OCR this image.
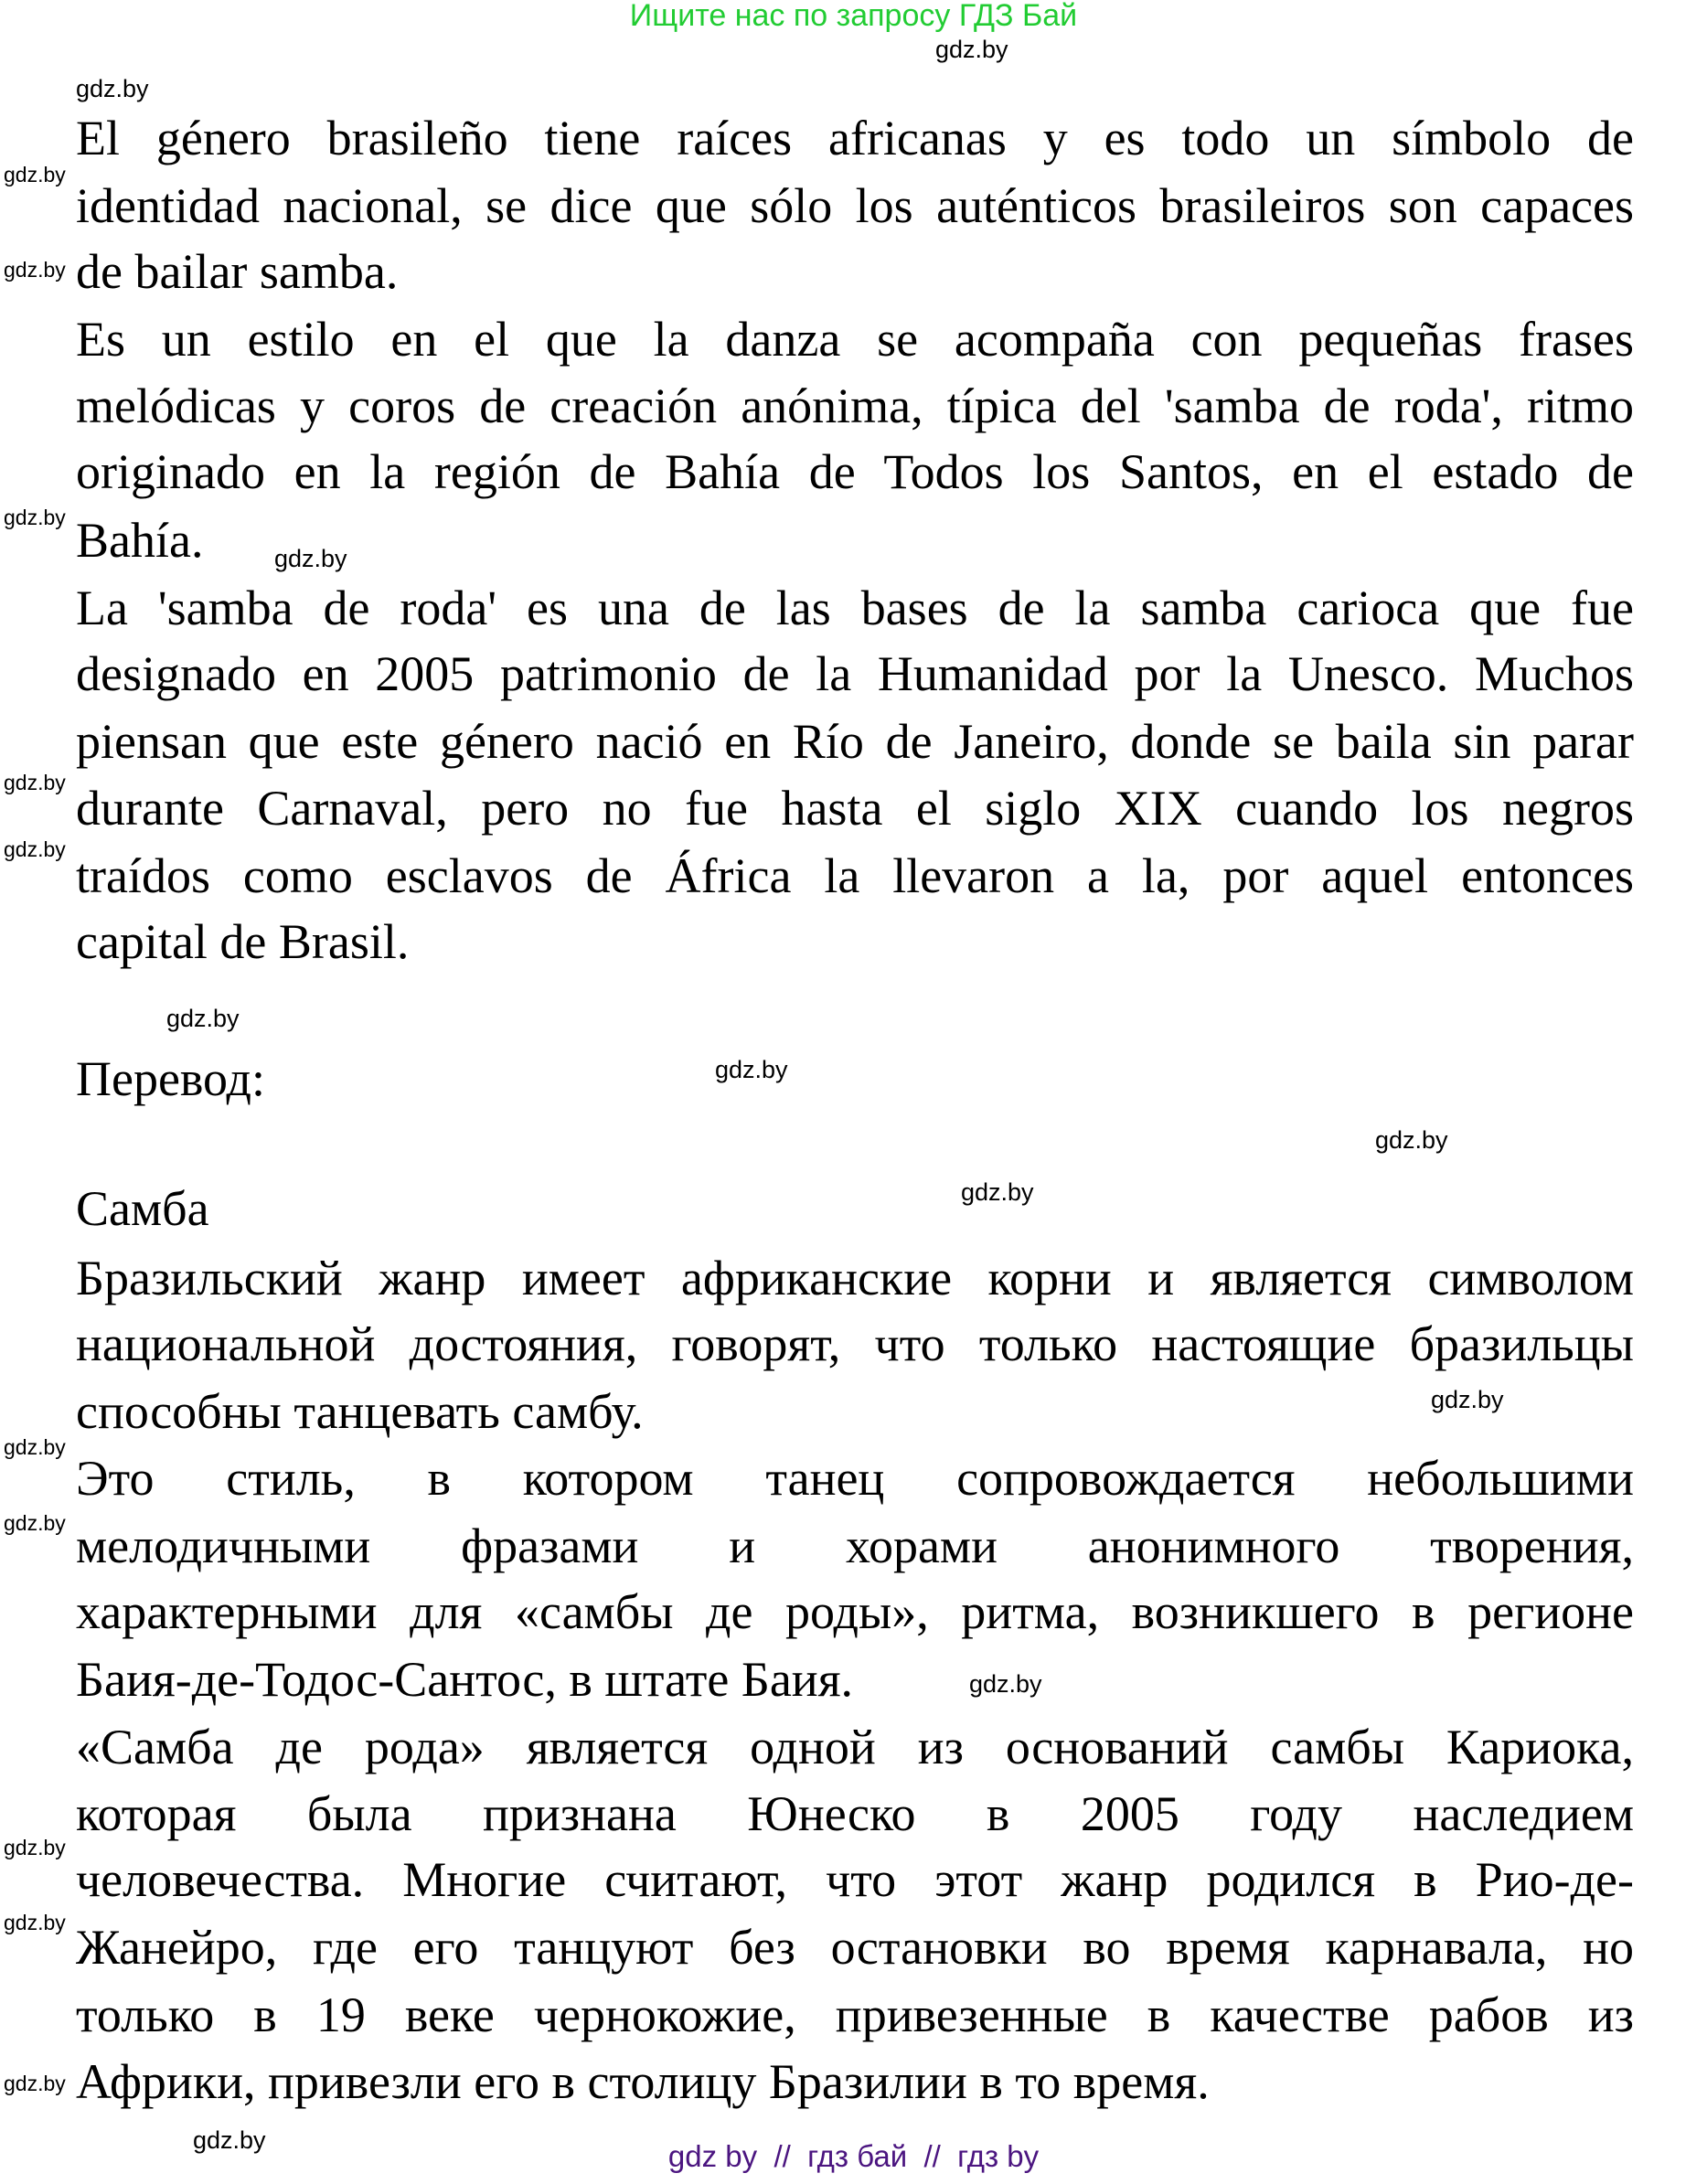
Ищите нас по запросу ГДЗ Бай
El género brasileño tiene raíces africanas y es todo un símbolo de
identidad nacional, se dice que sólo los auténticos brasileiros son capaces
de bailar samba.
Es un estilo en el que la danza se acompaña con pequeñas frases
melódicas y coros de creación anónima, típica del 'samba de roda', ritmo
originado en la región de Bahía de Todos los Santos, en el estado de
Bahía.
La 'samba de roda' es una de las bases de la samba carioca que fue
designado en 2005 patrimonio de la Humanidad por la Unesco. Muchos
piensan que este género nació en Río de Janeiro, donde se baila sin parar
durante Carnaval, pero no fue hasta el siglo XIX cuando los negros
traídos como esclavos de África la llevaron a la, por aquel entonces
capital de Brasil.
Перевод:
Самба
Бразильский жанр имеет африканские корни и является символом
национальной достояния, говорят, что только настоящие бразильцы
способны танцевать самбу.
Это стиль, в котором танец сопровождается небольшими
мелодичными фразами и хорами анонимного творения,
характерными для «самбы де роды», ритма, возникшего в регионе
Баия-де-Тодос-Сантос, в штате Баия.
«Самба де рода» является одной из оснований самбы Кариока,
которая была признана Юнеско в 2005 году наследием
человечества. Многие считают, что этот жанр родился в Рио-де-
Жанейро, где его танцуют без остановки во время карнавала, но
только в 19 веке чернокожие, привезенные в качестве рабов из
Африки, привезли его в столицу Бразилии в то время.
gdz.by
gdz.by
gdz.by
gdz.by
gdz.by
gdz.by
gdz.by
gdz.by
gdz.by
gdz.by
gdz.by
gdz.by
gdz.by
gdz.by
gdz.by
gdz.by
gdz.by
gdz.by
gdz.by
gdz.by	gdz by  //  гдз бай  //  гдз by
